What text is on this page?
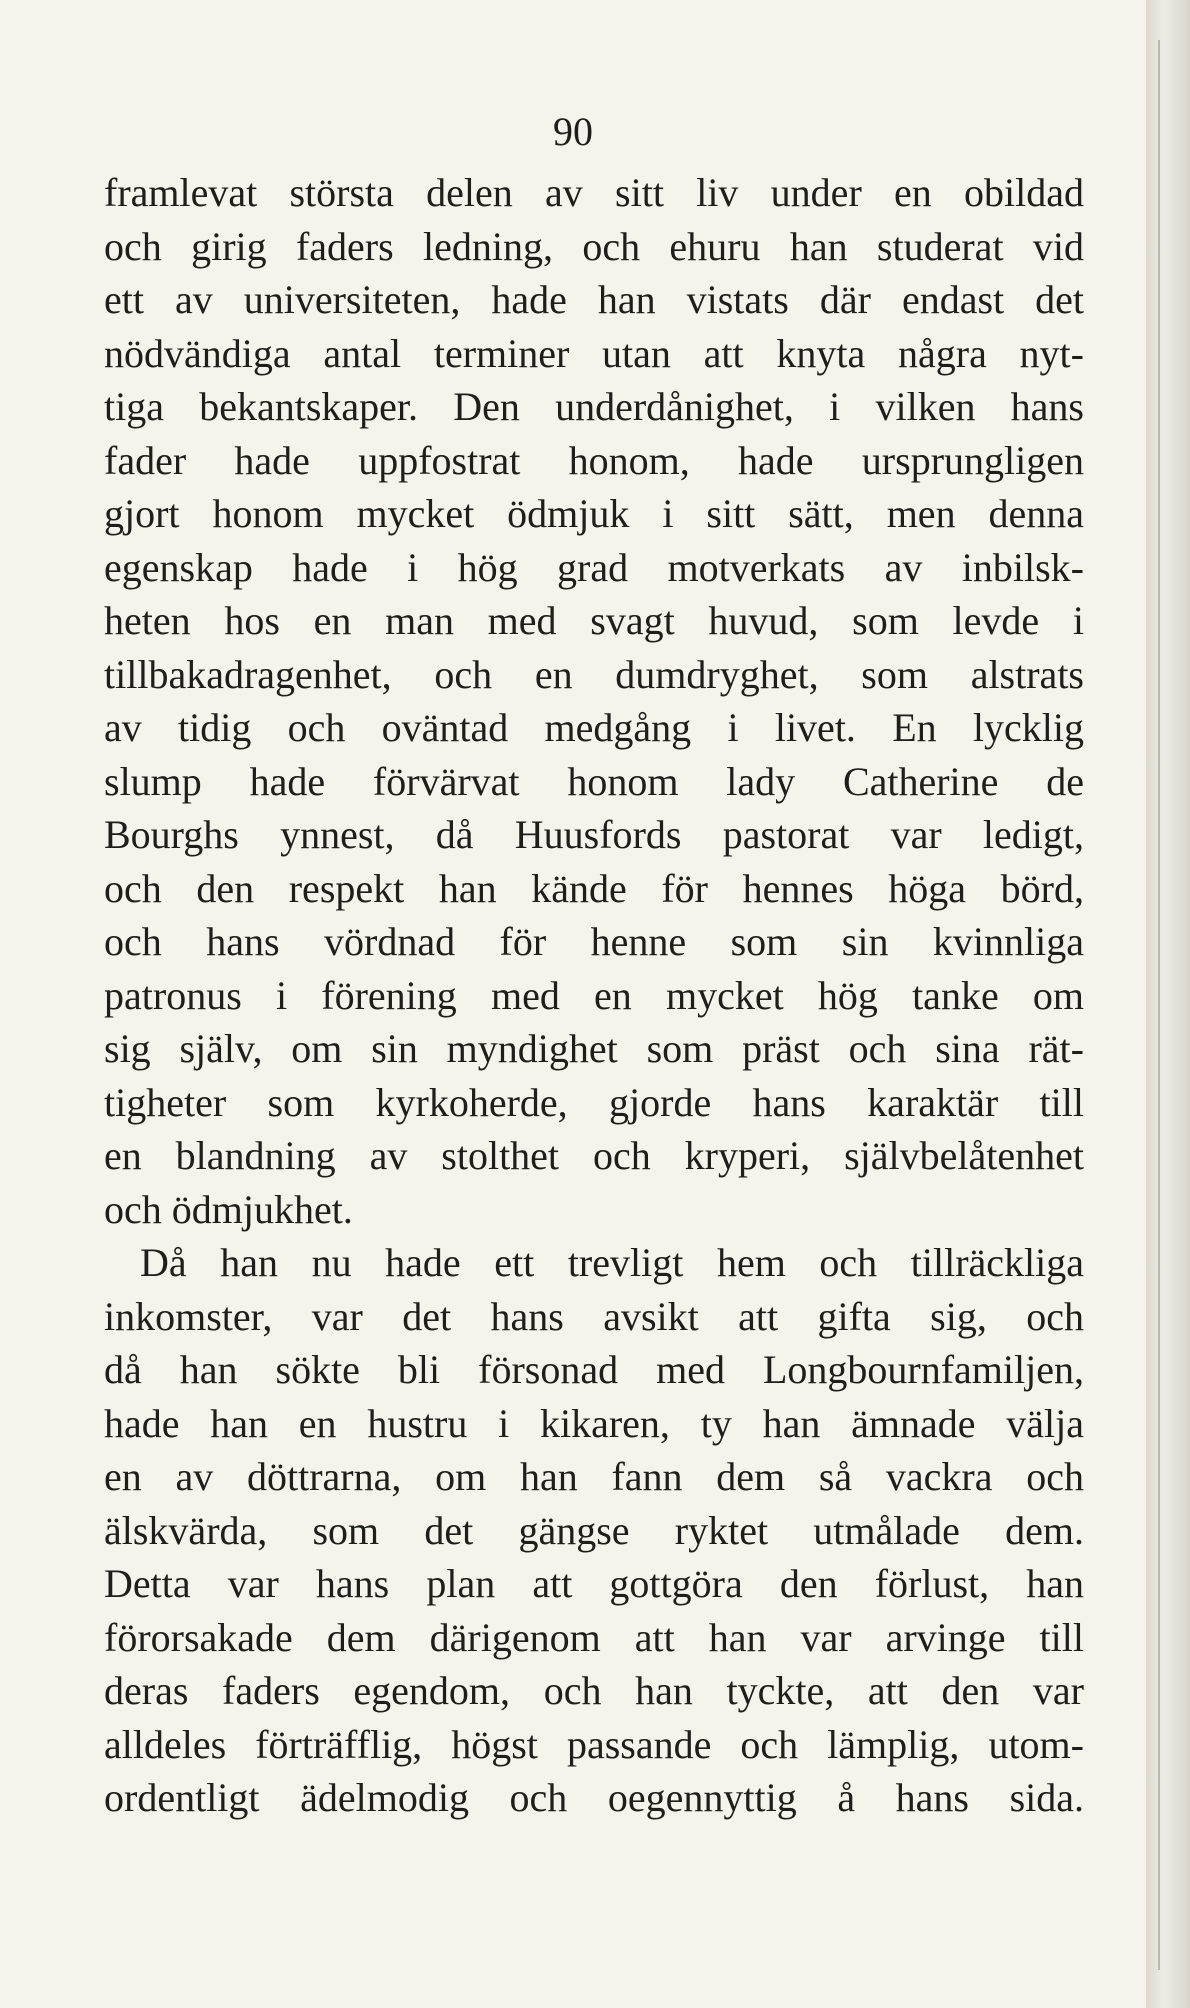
90
framlevat största delen av sitt liv under en obildad
och girig faders ledning, och ehuru han studerat vid
ett av universiteten, hade han vistats där endast det
nödvändiga antal terminer utan att knyta några nyt-
tiga bekantskaper. Den underdånighet, i vilken hans
fader hade uppfostrat honom, hade ursprungligen
gjort honom mycket ödmjuk i sitt sätt, men denna
egenskap hade i hög grad motverkats av inbilsk-
heten hos en man med svagt huvud, som levde i
tillbakadragenhet, och en dumdryghet, som alstrats
av tidig och oväntad medgång i livet. En lycklig
slump hade förvärvat honom lady Catherine de
Bourghs ynnest, då Huusfords pastorat var ledigt,
och den respekt han kände för hennes höga börd,
och hans vördnad för henne som sin kvinnliga
patronus i förening med en mycket hög tanke om
sig själv, om sin myndighet som präst och sina rät-
tigheter som kyrkoherde, gjorde hans karaktär till
en blandning av stolthet och kryperi, självbelåtenhet
och ödmjukhet.
Då han nu hade ett trevligt hem och tillräckliga
inkomster, var det hans avsikt att gifta sig, och
då han sökte bli försonad med Longbournfamiljen,
hade han en hustru i kikaren, ty han ämnade välja
en av döttrarna, om han fann dem så vackra och
älskvärda, som det gängse ryktet utmålade dem.
Detta var hans plan att gottgöra den förlust, han
förorsakade dem därigenom att han var arvinge till
deras faders egendom, och han tyckte, att den var
alldeles förträfflig, högst passande och lämplig, utom-
ordentligt ädelmodig och oegennyttig å hans sida.
